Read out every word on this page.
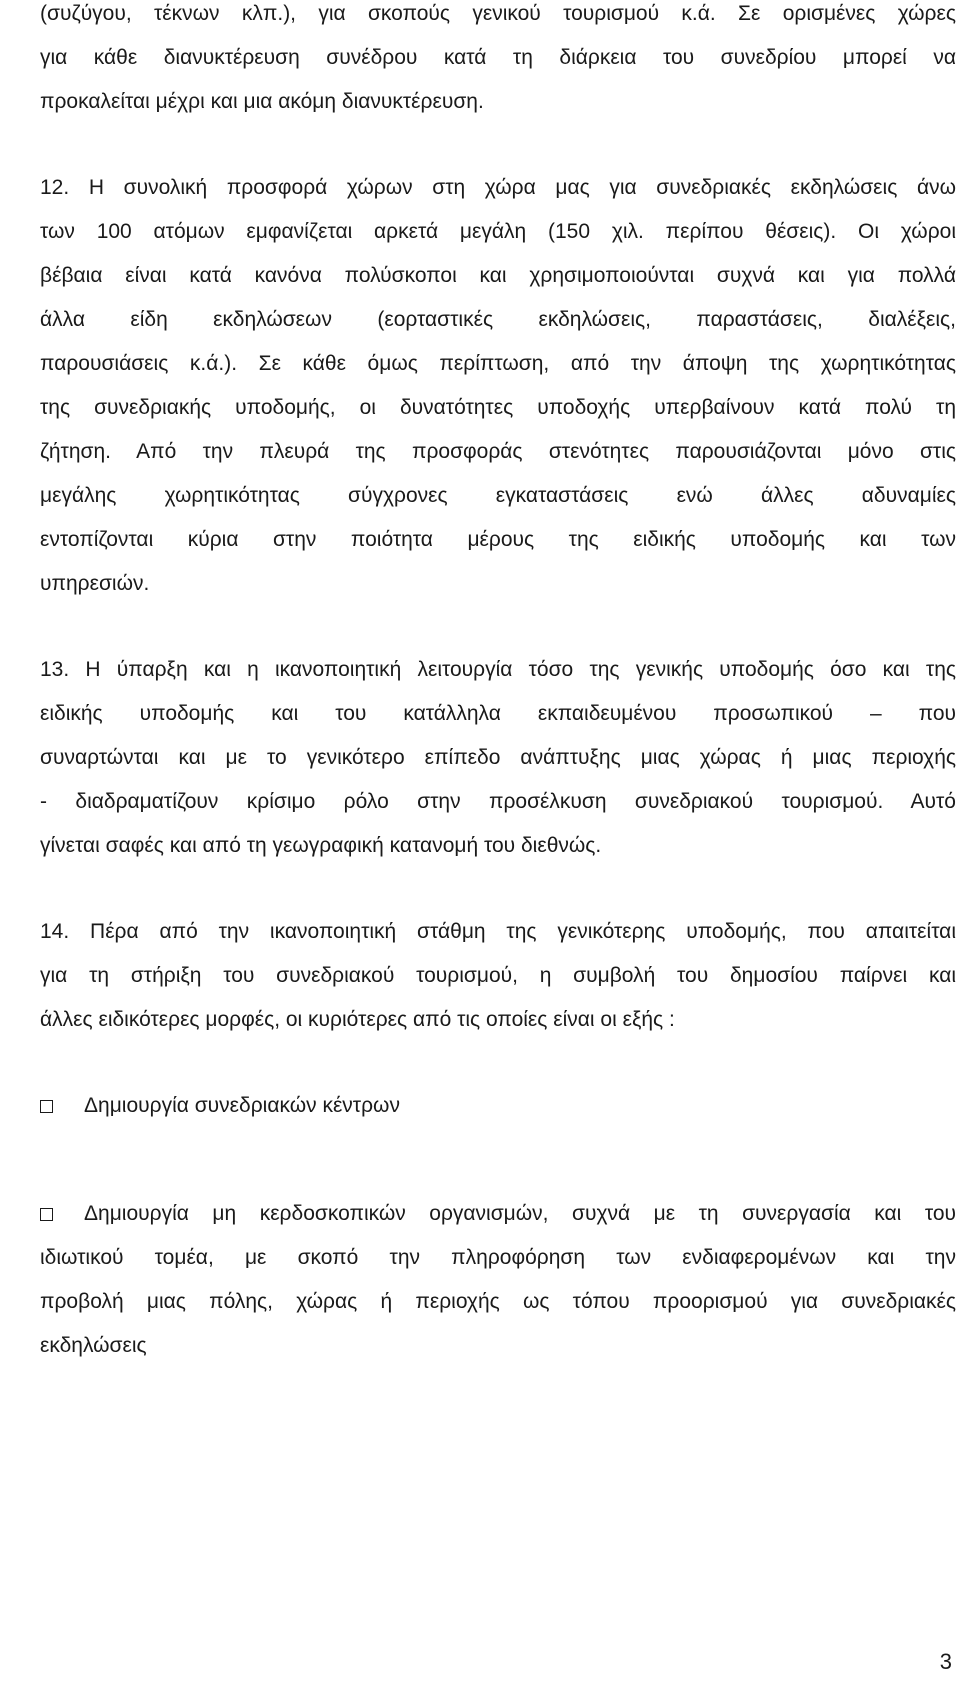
(συζύγου, τέκνων κλπ.), για σκοπούς γενικού τουρισμού κ.ά. Σε ορισμένες χώρες
για κάθε διανυκτέρευση συνέδρου κατά τη διάρκεια του συνεδρίου μπορεί να
προκαλείται μέχρι και μια ακόμη διανυκτέρευση.
12. Η συνολική προσφορά χώρων στη χώρα μας για συνεδριακές εκδηλώσεις άνω
των 100 ατόμων εμφανίζεται αρκετά μεγάλη (150 χιλ. περίπου θέσεις). Οι χώροι
βέβαια είναι κατά κανόνα πολύσκοποι και χρησιμοποιούνται συχνά και για πολλά
άλλα είδη εκδηλώσεων (εορταστικές εκδηλώσεις, παραστάσεις, διαλέξεις,
παρουσιάσεις κ.ά.). Σε κάθε όμως περίπτωση, από την άποψη της χωρητικότητας
της συνεδριακής υποδομής, οι δυνατότητες υποδοχής υπερβαίνουν κατά πολύ τη
ζήτηση. Από την πλευρά της προσφοράς στενότητες παρουσιάζονται μόνο στις
μεγάλης χωρητικότητας σύγχρονες εγκαταστάσεις ενώ άλλες αδυναμίες
εντοπίζονται κύρια στην ποιότητα μέρους της ειδικής υποδομής και των
υπηρεσιών.
13. Η ύπαρξη και η ικανοποιητική λειτουργία τόσο της γενικής υποδομής όσο και της
ειδικής υποδομής και του κατάλληλα εκπαιδευμένου προσωπικού – που
συναρτώνται και με το γενικότερο επίπεδο ανάπτυξης μιας χώρας ή μιας περιοχής
- διαδραματίζουν κρίσιμο ρόλο στην προσέλκυση συνεδριακού τουρισμού. Αυτό
γίνεται σαφές και από τη γεωγραφική κατανομή του διεθνώς.
14. Πέρα από την ικανοποιητική στάθμη της γενικότερης υποδομής, που απαιτείται
για τη στήριξη του συνεδριακού τουρισμού, η συμβολή του δημοσίου παίρνει και
άλλες ειδικότερες μορφές, οι κυριότερες από τις οποίες είναι οι εξής :
Δημιουργία συνεδριακών κέντρων
Δημιουργία μη κερδοσκοπικών οργανισμών, συχνά με τη συνεργασία και του
ιδιωτικού τομέα, με σκοπό την πληροφόρηση των ενδιαφερομένων και την
προβολή μιας πόλης, χώρας ή περιοχής ως τόπου προορισμού για συνεδριακές
εκδηλώσεις
3
